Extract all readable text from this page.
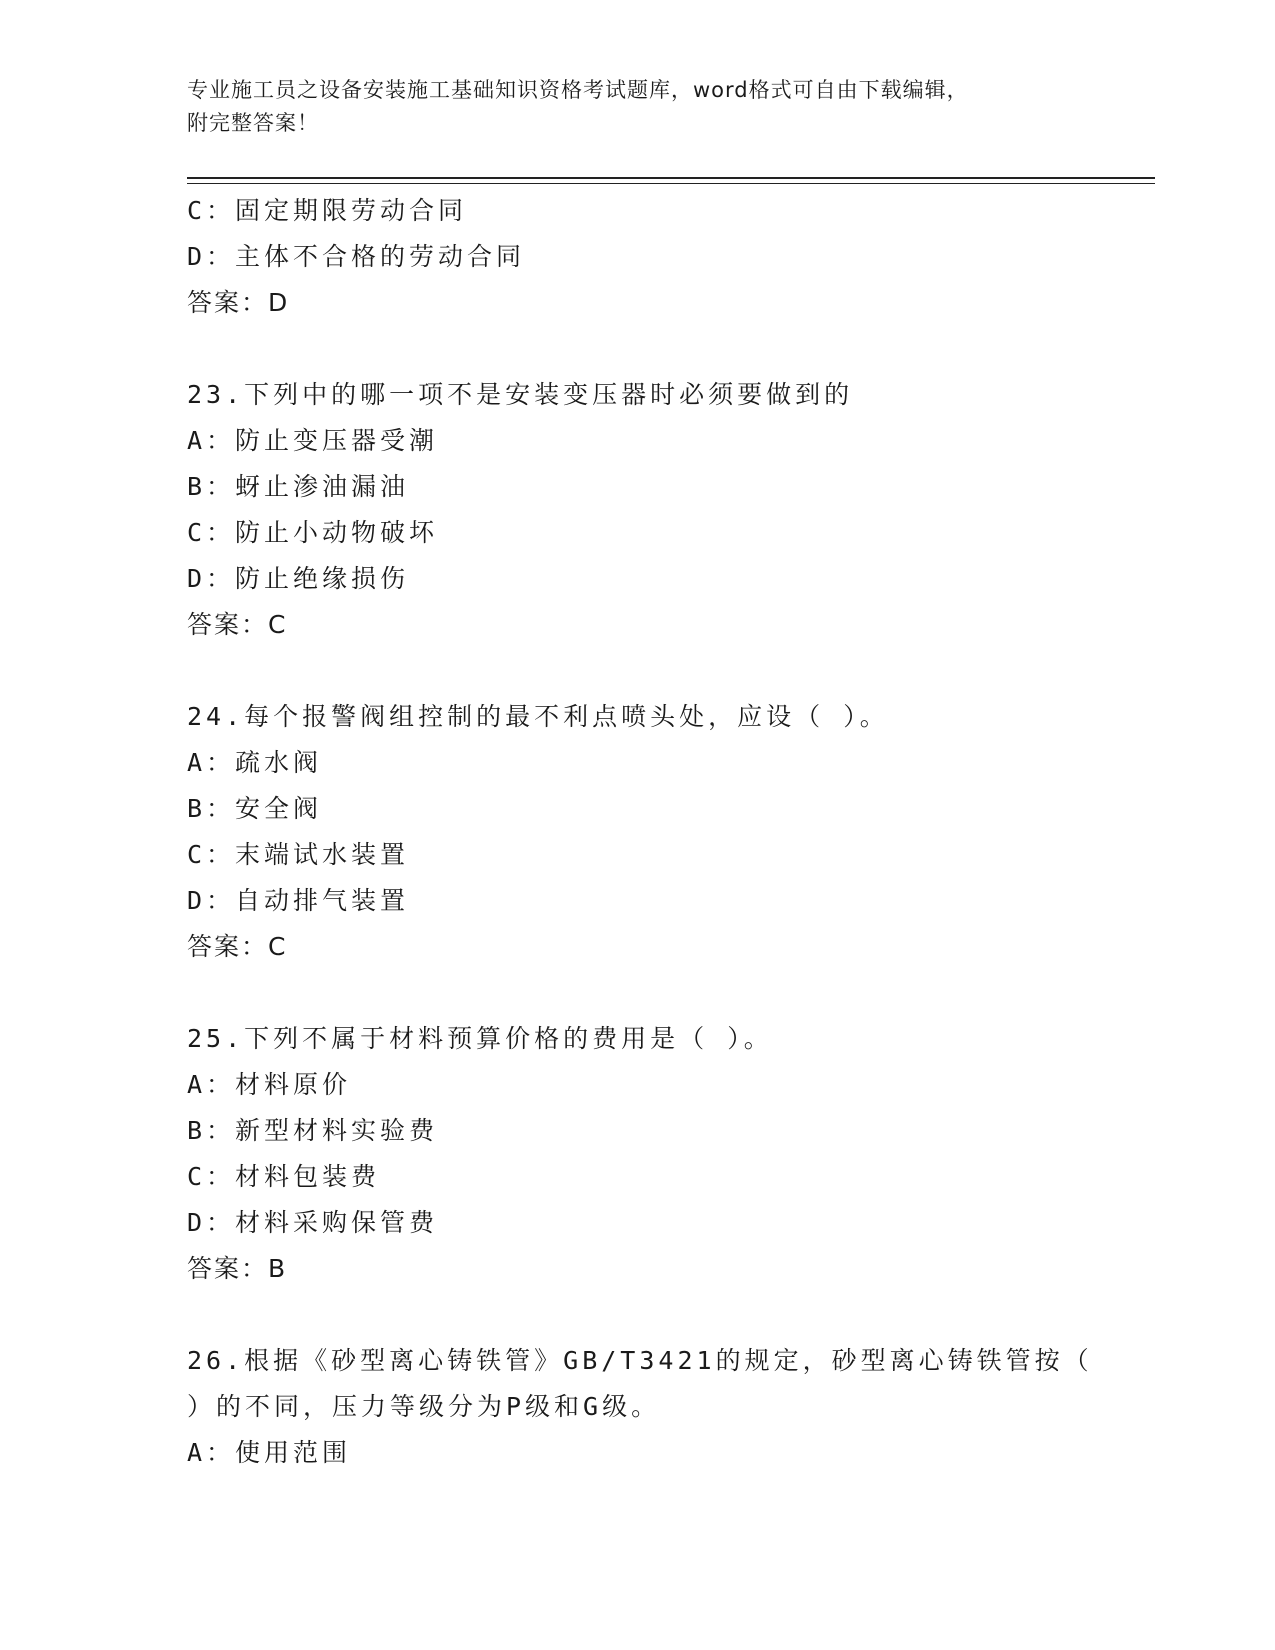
专业施工员之设备安装施工基础知识资格考试题库，word格式可自由下载编辑，
附完整答案！
C：固定期限劳动合同
D：主体不合格的劳动合同
答案：D
23.下列中的哪一项不是安装变压器时必须要做到的
A：防止变压器受潮
B：蚜止渗油漏油
C：防止小动物破坏
D：防止绝缘损伤
答案：C
24.每个报警阀组控制的最不利点喷头处，应设（ ）。
A：疏水阀
B：安全阀
C：末端试水装置
D：自动排气装置
答案：C
25.下列不属于材料预算价格的费用是（ ）。
A：材料原价
B：新型材料实验费
C：材料包装费
D：材料采购保管费
答案：B
26.根据《砂型离心铸铁管》GB/T3421的规定，砂型离心铸铁管按（
）的不同，压力等级分为P级和G级。
A：使用范围
